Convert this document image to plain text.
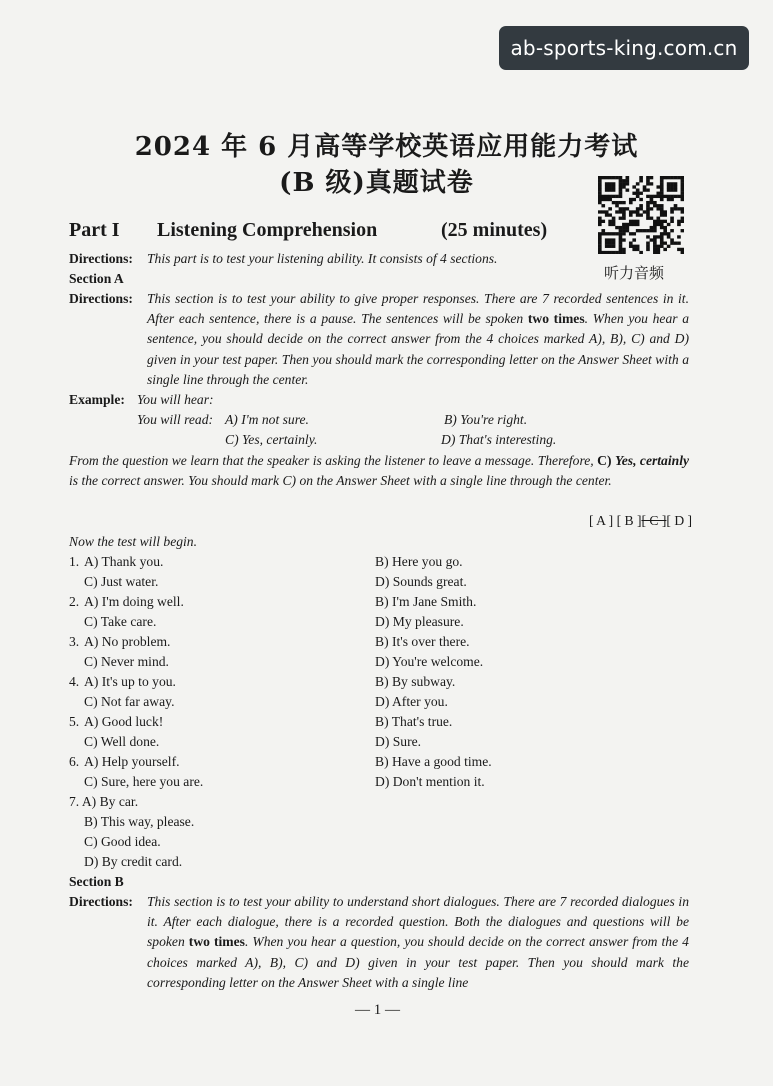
ab-sports-king.com.cn
2024 年 6 月高等学校英语应用能力考试
(B 级)真题试卷
听力音频
Part I Listening Comprehension	(25 minutes)
Directions: This part is to test your listening ability. It consists of 4 sections.
Section A
Directions: This section is to test your ability to give proper responses. There are 7 recorded sentences in it. After each sentence, there is a pause. The sentences will be spoken two times. When you hear a sentence, you should decide on the correct answer from the 4 choices marked A), B), C) and D) given in your test paper. Then you should mark the corresponding letter on the Answer Sheet with a single line through the center.
Example: You will hear:
You will read: A) I'm not sure.	B) You're right.
C) Yes, certainly.	D) That's interesting.
From the question we learn that the speaker is asking the listener to leave a message. Therefore, C) Yes, certainly is the correct answer. You should mark C) on the Answer Sheet with a single line through the center.
[ A ] [ B ][ C ][ D ]
Now the test will begin.
1. A) Thank you.	B) Here you go.
C) Just water.	D) Sounds great.
2. A) I'm doing well.	B) I'm Jane Smith.
C) Take care.	D) My pleasure.
3. A) No problem.	B) It's over there.
C) Never mind.	D) You're welcome.
4. A) It's up to you.	B) By subway.
C) Not far away.	D) After you.
5. A) Good luck!	B) That's true.
C) Well done.	D) Sure.
6. A) Help yourself.	B) Have a good time.
C) Sure, here you are.	D) Don't mention it.
7. A) By car.
B) This way, please.
C) Good idea.
D) By credit card.
Section B
Directions: This section is to test your ability to understand short dialogues. There are 7 recorded dialogues in it. After each dialogue, there is a recorded question. Both the dialogues and questions will be spoken two times. When you hear a question, you should decide on the correct answer from the 4 choices marked A), B), C) and D) given in your test paper. Then you should mark the corresponding letter on the Answer Sheet with a single line
— 1 —
